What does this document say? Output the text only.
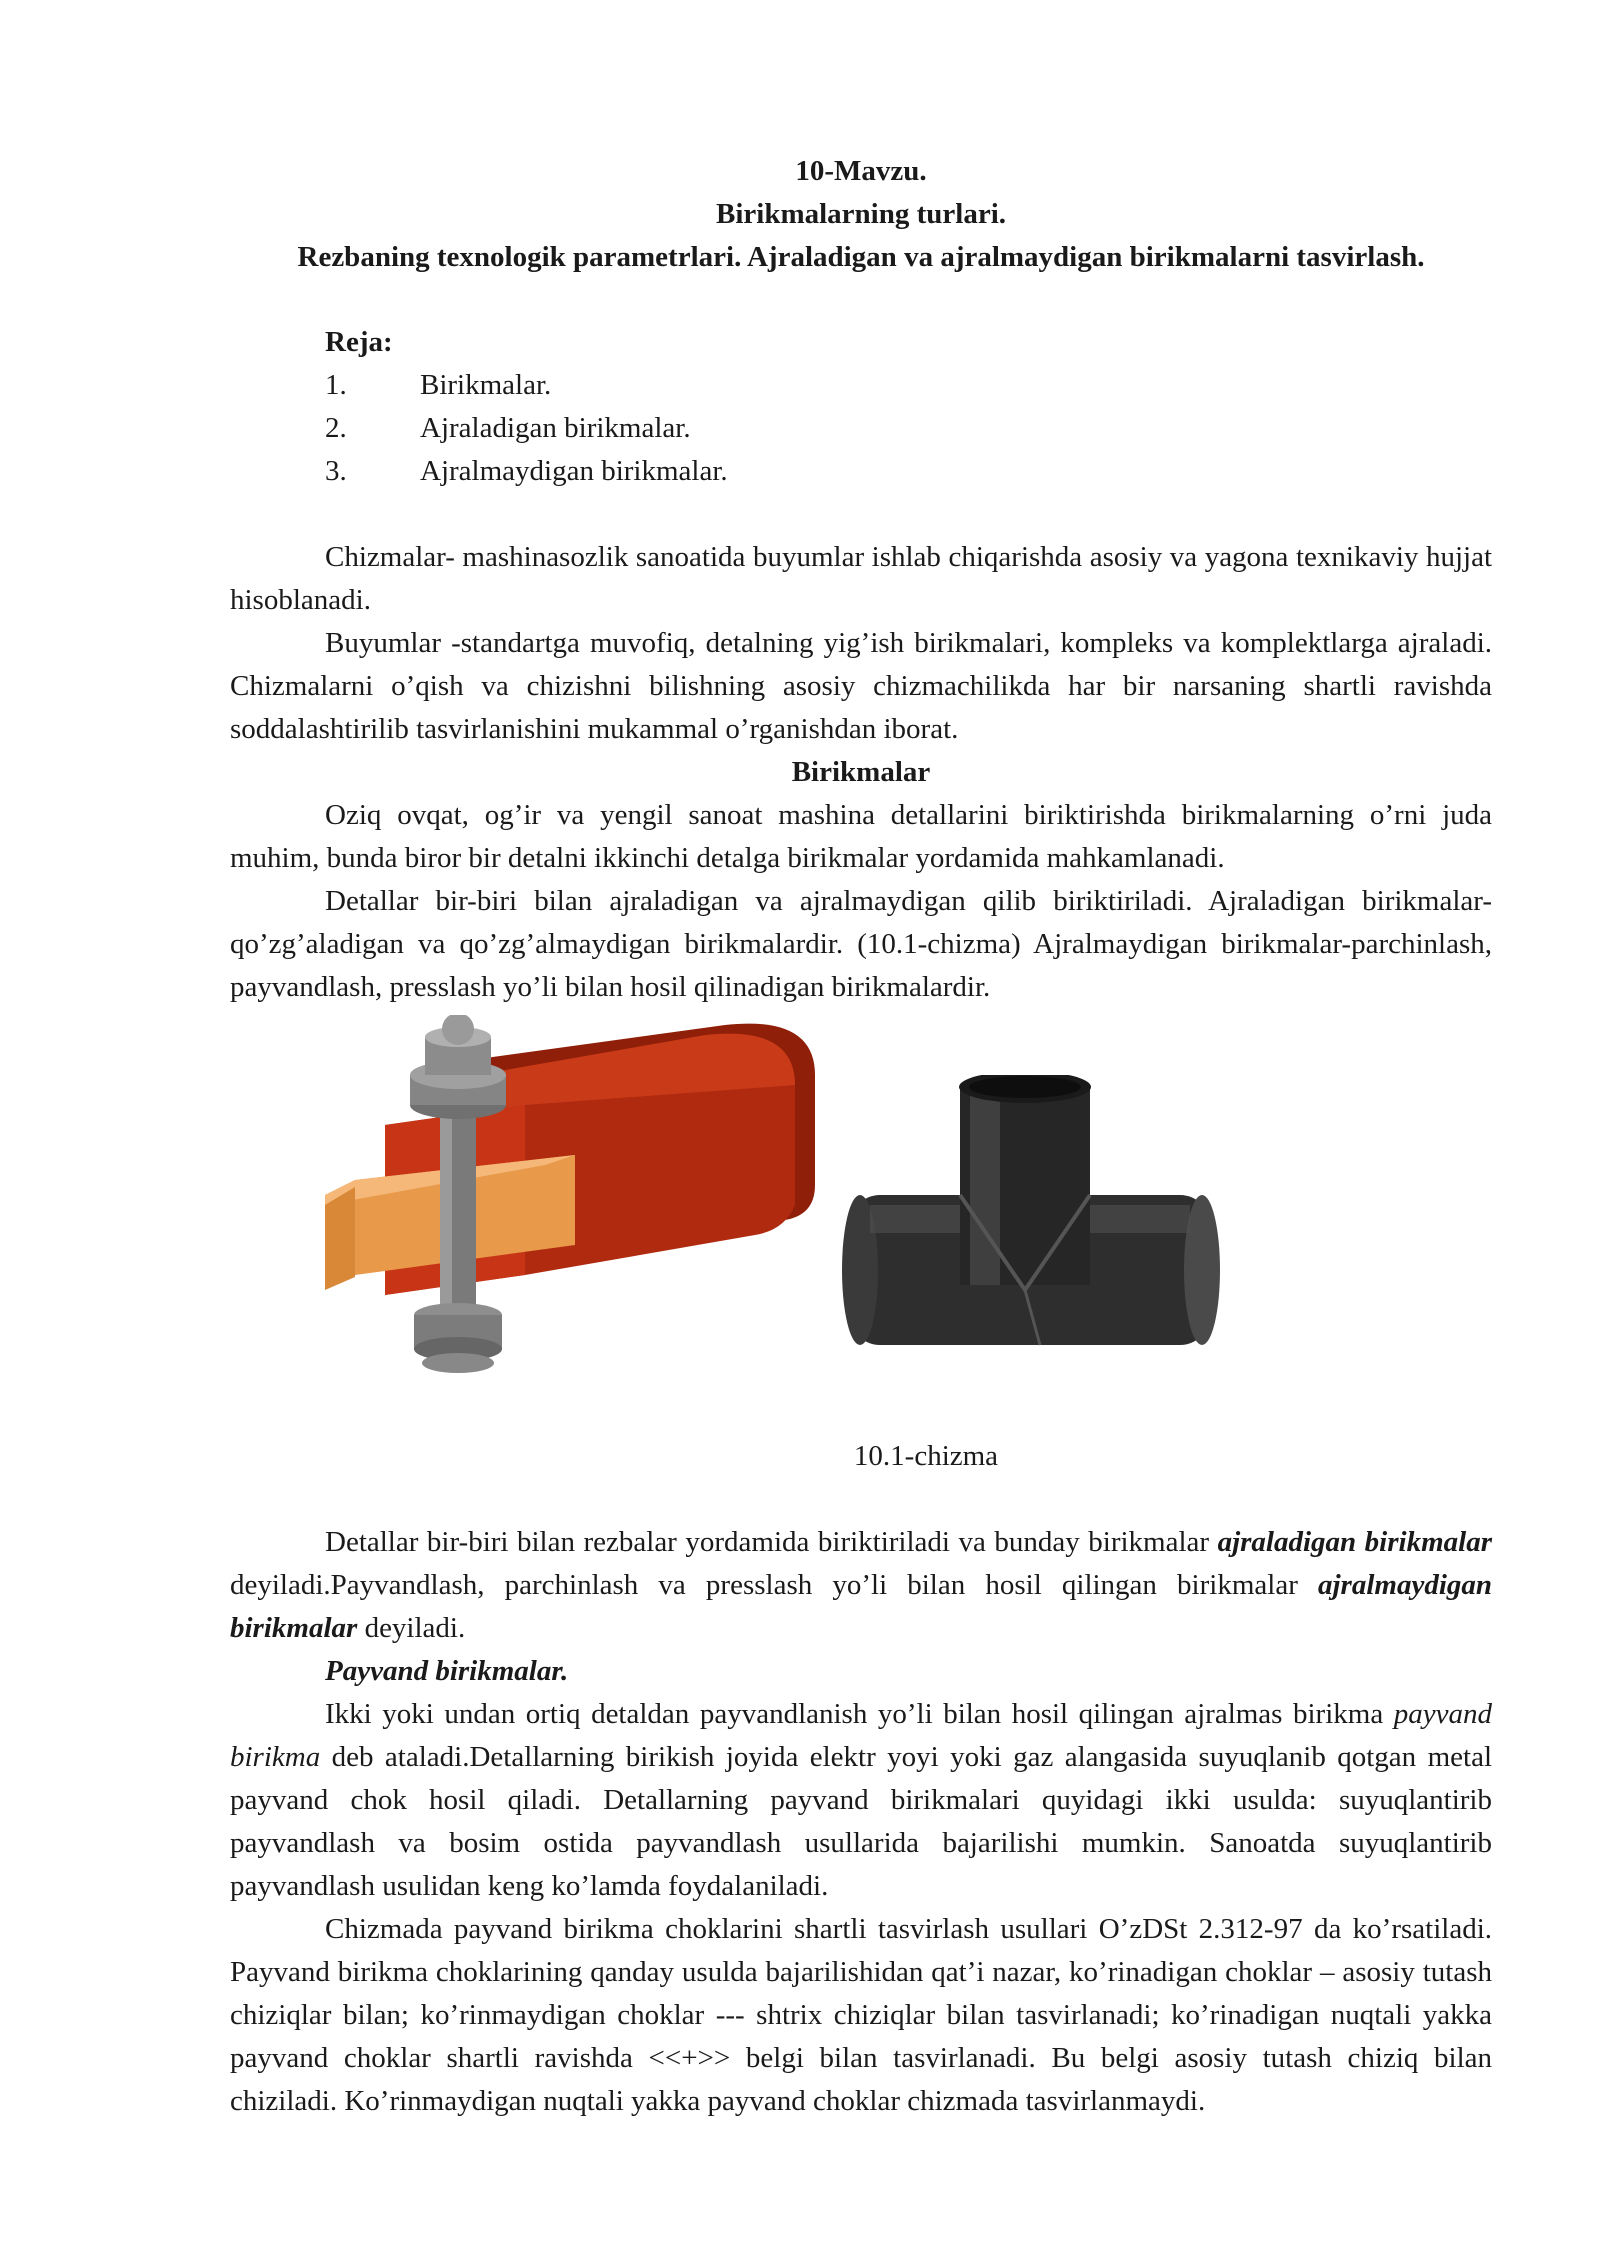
10-Mavzu.
Birikmalarning turlari.
Rezbaning texnologik parametrlari. Ajraladigan va ajralmaydigan birikmalarni tasvirlash.
Reja:
1.	Birikmalar.
2.	Ajraladigan birikmalar.
3.	Ajralmaydigan birikmalar.

Chizmalar- mashinasozlik sanoatida buyumlar ishlab chiqarishda asosiy va yagona texnikaviy hujjat hisoblanadi.

Buyumlar -standartga muvofiq, detalning yig’ish birikmalari, kompleks va komplektlarga ajraladi. Chizmalarni o’qish va chizishni bilishning asosiy chizmachilikda har bir narsaning shartli ravishda soddalashtirilib tasvirlanishini mukammal o’rganishdan iborat.

Birikmalar

Oziq ovqat, og’ir va yengil sanoat mashina detallarini biriktirishda birikmalarning o’rni juda muhim, bunda biror bir detalni ikkinchi detalga birikmalar yordamida mahkamlanadi.

Detallar bir-biri bilan ajraladigan va ajralmaydigan qilib biriktiriladi. Ajraladigan birikmalar-qo’zg’aladigan va qo’zg’almaydigan birikmalardir. (10.1-chizma) Ajralmaydigan birikmalar-parchinlash, payvandlash, presslash yo’li bilan hosil qilinadigan birikmalardir.

10.1-chizma

Detallar bir-biri bilan rezbalar yordamida biriktiriladi va bunday birikmalar ajraladigan birikmalar deyiladi.Payvandlash, parchinlash va presslash yo’li bilan hosil qilingan birikmalar ajralmaydigan birikmalar deyiladi.

Payvand birikmalar.

Ikki yoki undan ortiq detaldan payvandlanish yo’li bilan hosil qilingan ajralmas birikma payvand birikma deb ataladi.Detallarning birikish joyida elektr yoyi yoki gaz alangasida suyuqlanib qotgan metal payvand chok hosil qiladi. Detallarning payvand birikmalari quyidagi ikki usulda: suyuqlantirib payvandlash va bosim ostida payvandlash usullarida bajarilishi mumkin. Sanoatda suyuqlantirib payvandlash usulidan keng ko’lamda foydalaniladi.

Chizmada payvand birikma choklarini shartli tasvirlash usullari O’zDSt 2.312-97 da ko’rsatiladi. Payvand birikma choklarining qanday usulda bajarilishidan qat’i nazar, ko’rinadigan choklar – asosiy tutash chiziqlar bilan; ko’rinmaydigan choklar --- shtrix chiziqlar bilan tasvirlanadi; ko’rinadigan nuqtali yakka payvand choklar shartli ravishda <<+>> belgi bilan tasvirlanadi. Bu belgi asosiy tutash chiziq bilan chiziladi. Ko’rinmaydigan nuqtali yakka payvand choklar chizmada tasvirlanmaydi.
